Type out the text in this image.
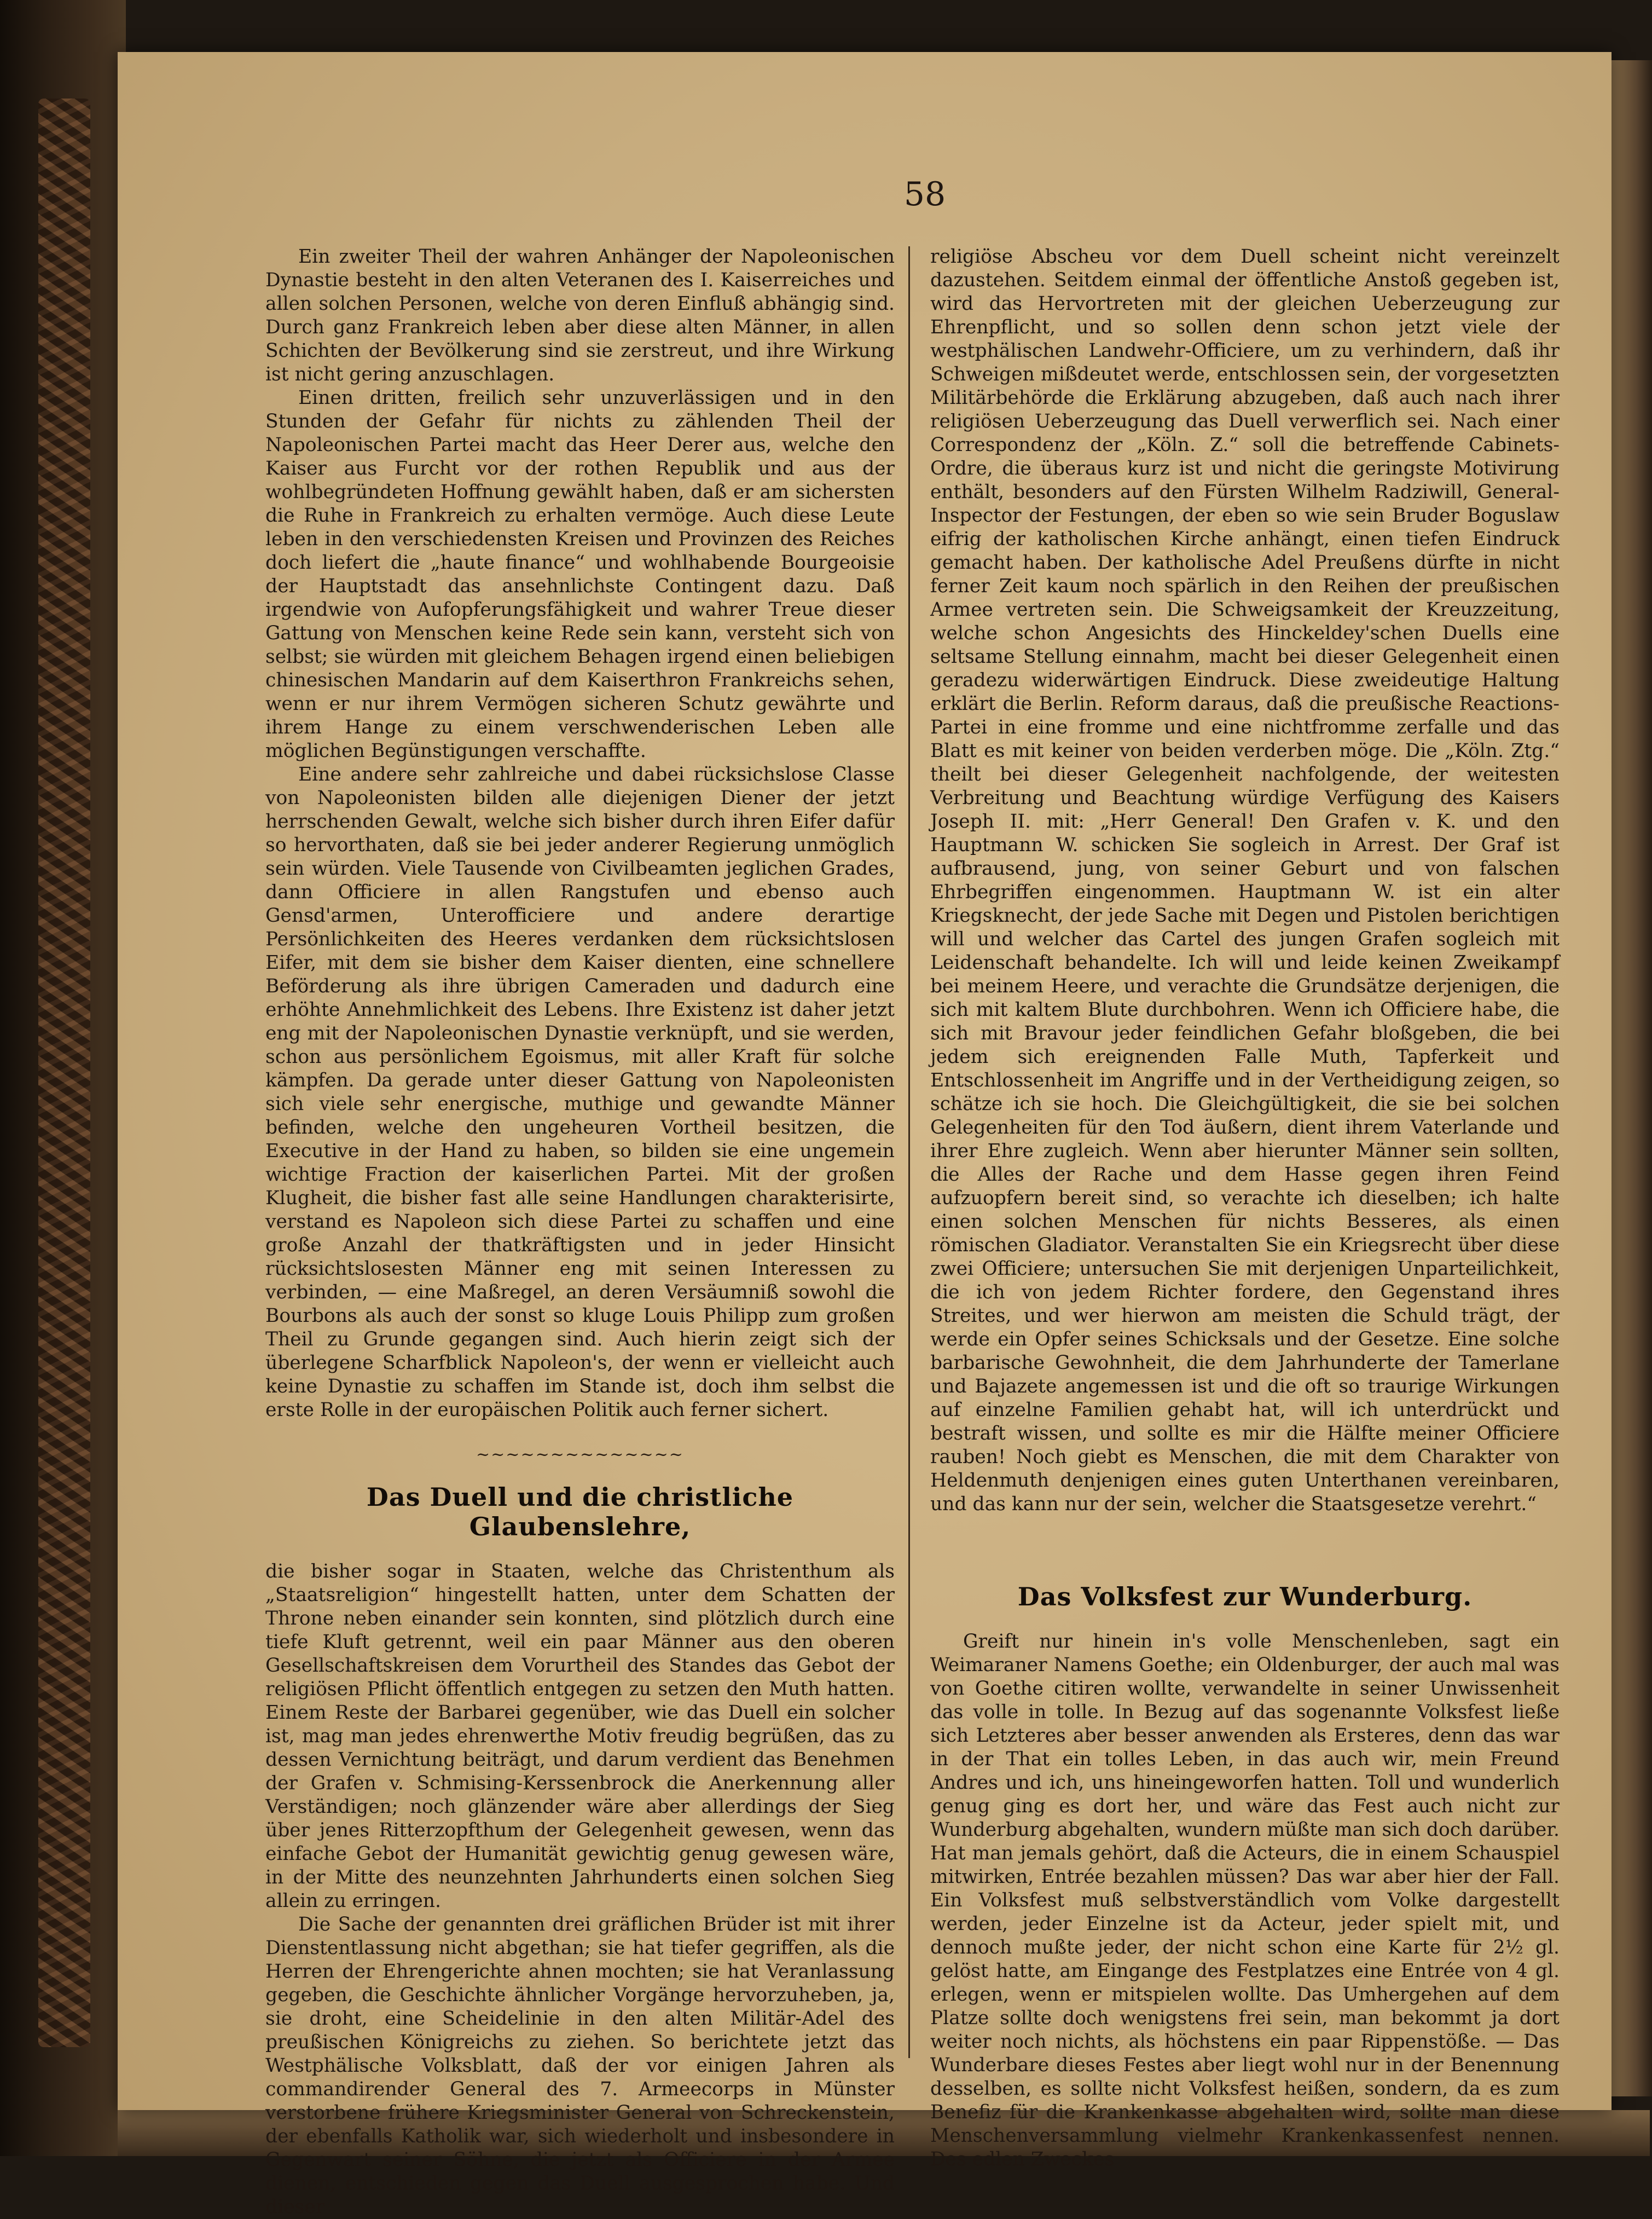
58

Ein zweiter Theil der wahren Anhänger der Napoleonischen Dynastie besteht in den alten Veteranen des I. Kaiserreiches und allen solchen Personen, welche von deren Einfluß abhängig sind. Durch ganz Frankreich leben aber diese alten Männer, in allen Schichten der Bevölkerung sind sie zerstreut, und ihre Wirkung ist nicht gering anzuschlagen.

Einen dritten, freilich sehr unzuverlässigen und in den Stunden der Gefahr für nichts zu zählenden Theil der Napoleonischen Partei macht das Heer Derer aus, welche den Kaiser aus Furcht vor der rothen Republik und aus der wohlbegründeten Hoffnung gewählt haben, daß er am sichersten die Ruhe in Frankreich zu erhalten vermöge. Auch diese Leute leben in den verschiedensten Kreisen und Provinzen des Reiches doch liefert die „haute finance“ und wohlhabende Bourgeoisie der Hauptstadt das ansehnlichste Contingent dazu. Daß irgendwie von Aufopferungsfähigkeit und wahrer Treue dieser Gattung von Menschen keine Rede sein kann, versteht sich von selbst; sie würden mit gleichem Behagen irgend einen beliebigen chinesischen Mandarin auf dem Kaiserthron Frankreichs sehen, wenn er nur ihrem Vermögen sicheren Schutz gewährte und ihrem Hange zu einem verschwenderischen Leben alle möglichen Begünstigungen verschaffte.

Eine andere sehr zahlreiche und dabei rücksichslose Classe von Napoleonisten bilden alle diejenigen Diener der jetzt herrschenden Gewalt, welche sich bisher durch ihren Eifer dafür so hervorthaten, daß sie bei jeder anderer Regierung unmöglich sein würden. Viele Tausende von Civilbeamten jeglichen Grades, dann Officiere in allen Rangstufen und ebenso auch Gensd'armen, Unterofficiere und andere derartige Persönlichkeiten des Heeres verdanken dem rücksichtslosen Eifer, mit dem sie bisher dem Kaiser dienten, eine schnellere Beförderung als ihre übrigen Cameraden und dadurch eine erhöhte Annehmlichkeit des Lebens. Ihre Existenz ist daher jetzt eng mit der Napoleonischen Dynastie verknüpft, und sie werden, schon aus persönlichem Egoismus, mit aller Kraft für solche kämpfen. Da gerade unter dieser Gattung von Napoleonisten sich viele sehr energische, muthige und gewandte Männer befinden, welche den ungeheuren Vortheil besitzen, die Executive in der Hand zu haben, so bilden sie eine ungemein wichtige Fraction der kaiserlichen Partei. Mit der großen Klugheit, die bisher fast alle seine Handlungen charakterisirte, verstand es Napoleon sich diese Partei zu schaffen und eine große Anzahl der thatkräftigsten und in jeder Hinsicht rücksichtslosesten Männer eng mit seinen Interessen zu verbinden, — eine Maßregel, an deren Versäumniß sowohl die Bourbons als auch der sonst so kluge Louis Philipp zum großen Theil zu Grunde gegangen sind. Auch hierin zeigt sich der überlegene Scharfblick Napoleon's, der wenn er vielleicht auch keine Dynastie zu schaffen im Stande ist, doch ihm selbst die erste Rolle in der europäischen Politik auch ferner sichert.

~~~~~~~~~~~~~~
Das Duell und die christliche Glaubenslehre,

die bisher sogar in Staaten, welche das Christenthum als „Staatsreligion“ hingestellt hatten, unter dem Schatten der Throne neben einander sein konnten, sind plötzlich durch eine tiefe Kluft getrennt, weil ein paar Männer aus den oberen Gesellschaftskreisen dem Vorurtheil des Standes das Gebot der religiösen Pflicht öffentlich entgegen zu setzen den Muth hatten. Einem Reste der Barbarei gegenüber, wie das Duell ein solcher ist, mag man jedes ehrenwerthe Motiv freudig begrüßen, das zu dessen Vernichtung beiträgt, und darum verdient das Benehmen der Grafen v. Schmising-Kerssenbrock die Anerkennung aller Verständigen; noch glänzender wäre aber allerdings der Sieg über jenes Ritterzopfthum der Gelegenheit gewesen, wenn das einfache Gebot der Humanität gewichtig genug gewesen wäre, in der Mitte des neunzehnten Jahrhunderts einen solchen Sieg allein zu erringen.

Die Sache der genannten drei gräflichen Brüder ist mit ihrer Dienstentlassung nicht abgethan; sie hat tiefer gegriffen, als die Herren der Ehrengerichte ahnen mochten; sie hat Veranlassung gegeben, die Geschichte ähnlicher Vorgänge hervorzuheben, ja, sie droht, eine Scheidelinie in den alten Militär-Adel des preußischen Königreichs zu ziehen. So berichtete jetzt das Westphälische Volksblatt, daß der vor einigen Jahren als commandirender General des 7. Armeecorps in Münster verstorbene frühere Kriegsminister General von Schreckenstein, der ebenfalls Katholik war, sich wiederholt und insbesondere in Gegenwart seiner Söhne, die jetzt als Officiere in der Armee dienen, entschieden gegen das Duell ausgesprochen habe. Und dieser

religiöse Abscheu vor dem Duell scheint nicht vereinzelt dazustehen. Seitdem einmal der öffentliche Anstoß gegeben ist, wird das Hervortreten mit der gleichen Ueberzeugung zur Ehrenpflicht, und so sollen denn schon jetzt viele der westphälischen Landwehr-Officiere, um zu verhindern, daß ihr Schweigen mißdeutet werde, entschlossen sein, der vorgesetzten Militärbehörde die Erklärung abzugeben, daß auch nach ihrer religiösen Ueberzeugung das Duell verwerflich sei. Nach einer Correspondenz der „Köln. Z.“ soll die betreffende Cabinets-Ordre, die überaus kurz ist und nicht die geringste Motivirung enthält, besonders auf den Fürsten Wilhelm Radziwill, General-Inspector der Festungen, der eben so wie sein Bruder Boguslaw eifrig der katholischen Kirche anhängt, einen tiefen Eindruck gemacht haben. Der katholische Adel Preußens dürfte in nicht ferner Zeit kaum noch spärlich in den Reihen der preußischen Armee vertreten sein. Die Schweigsamkeit der Kreuzzeitung, welche schon Angesichts des Hinckeldey'schen Duells eine seltsame Stellung einnahm, macht bei dieser Gelegenheit einen geradezu widerwärtigen Eindruck. Diese zweideutige Haltung erklärt die Berlin. Reform daraus, daß die preußische Reactions-Partei in eine fromme und eine nichtfromme zerfalle und das Blatt es mit keiner von beiden verderben möge. Die „Köln. Ztg.“ theilt bei dieser Gelegenheit nachfolgende, der weitesten Verbreitung und Beachtung würdige Verfügung des Kaisers Joseph II. mit: „Herr General! Den Grafen v. K. und den Hauptmann W. schicken Sie sogleich in Arrest. Der Graf ist aufbrausend, jung, von seiner Geburt und von falschen Ehrbegriffen eingenommen. Hauptmann W. ist ein alter Kriegsknecht, der jede Sache mit Degen und Pistolen berichtigen will und welcher das Cartel des jungen Grafen sogleich mit Leidenschaft behandelte. Ich will und leide keinen Zweikampf bei meinem Heere, und verachte die Grundsätze derjenigen, die sich mit kaltem Blute durchbohren. Wenn ich Officiere habe, die sich mit Bravour jeder feindlichen Gefahr bloßgeben, die bei jedem sich ereignenden Falle Muth, Tapferkeit und Entschlossenheit im Angriffe und in der Vertheidigung zeigen, so schätze ich sie hoch. Die Gleichgültigkeit, die sie bei solchen Gelegenheiten für den Tod äußern, dient ihrem Vaterlande und ihrer Ehre zugleich. Wenn aber hierunter Männer sein sollten, die Alles der Rache und dem Hasse gegen ihren Feind aufzuopfern bereit sind, so verachte ich dieselben; ich halte einen solchen Menschen für nichts Besseres, als einen römischen Gladiator. Veranstalten Sie ein Kriegsrecht über diese zwei Officiere; untersuchen Sie mit derjenigen Unparteilichkeit, die ich von jedem Richter fordere, den Gegenstand ihres Streites, und wer hierwon am meisten die Schuld trägt, der werde ein Opfer seines Schicksals und der Gesetze. Eine solche barbarische Gewohnheit, die dem Jahrhunderte der Tamerlane und Bajazete angemessen ist und die oft so traurige Wirkungen auf einzelne Familien gehabt hat, will ich unterdrückt und bestraft wissen, und sollte es mir die Hälfte meiner Officiere rauben! Noch giebt es Menschen, die mit dem Charakter von Heldenmuth denjenigen eines guten Unterthanen vereinbaren, und das kann nur der sein, welcher die Staatsgesetze verehrt.“

Das Volksfest zur Wunderburg.

Greift nur hinein in's volle Menschenleben, sagt ein Weimaraner Namens Goethe; ein Oldenburger, der auch mal was von Goethe citiren wollte, verwandelte in seiner Unwissenheit das volle in tolle. In Bezug auf das sogenannte Volksfest ließe sich Letzteres aber besser anwenden als Ersteres, denn das war in der That ein tolles Leben, in das auch wir, mein Freund Andres und ich, uns hineingeworfen hatten. Toll und wunderlich genug ging es dort her, und wäre das Fest auch nicht zur Wunderburg abgehalten, wundern müßte man sich doch darüber. Hat man jemals gehört, daß die Acteurs, die in einem Schauspiel mitwirken, Entrée bezahlen müssen? Das war aber hier der Fall. Ein Volksfest muß selbstverständlich vom Volke dargestellt werden, jeder Einzelne ist da Acteur, jeder spielt mit, und dennoch mußte jeder, der nicht schon eine Karte für 2½ gl. gelöst hatte, am Eingange des Festplatzes eine Entrée von 4 gl. erlegen, wenn er mitspielen wollte. Das Umhergehen auf dem Platze sollte doch wenigstens frei sein, man bekommt ja dort weiter noch nichts, als höchstens ein paar Rippenstöße. — Das Wunderbare dieses Festes aber liegt wohl nur in der Benennung desselben, es sollte nicht Volksfest heißen, sondern, da es zum Benefiz für die Krankenkasse abgehalten wird, sollte man diese Menschenversammlung vielmehr Krankenkassenfest nennen. Des edlen Zweckes
